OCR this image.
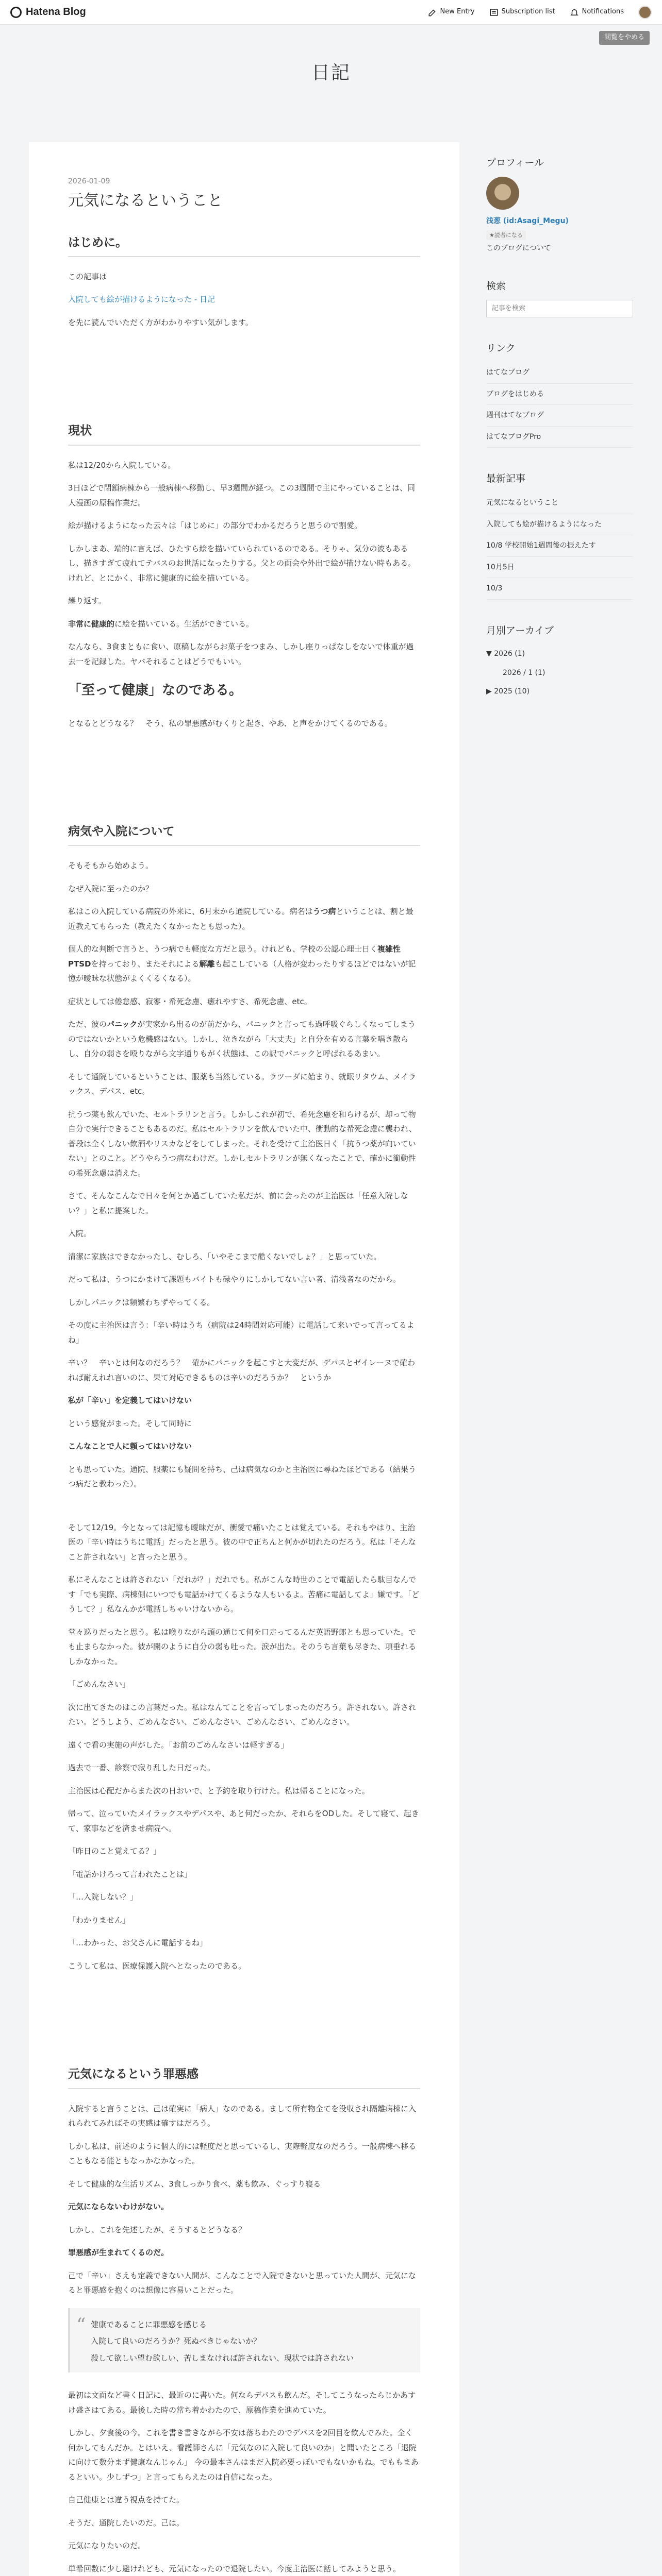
Hatena Blog	New Entry	Subscription list	Notifications
閲覧をやめる
日記
2026-01-09
元気になるということ
はじめに。

この記事は

入院しても絵が描けるようになった - 日記

を先に読んでいただく方がわかりやすい気がします。

現状

私は12/20から入院している。

3日ほどで閉鎖病棟から一般病棟へ移動し、早3週間が経つ。この3週間で主にやっていることは、同人漫画の原稿作業だ。

絵が描けるようになった云々は「はじめに」の部分でわかるだろうと思うので割愛。

しかしまあ、端的に言えば、ひたすら絵を描いていられているのである。そりゃ、気分の波もあるし、描きすぎて疲れてテバスのお世話になったりする。父との面会や外出で絵が描けない時もある。けれど、とにかく、非常に健康的に絵を描いている。

繰り返す。

非常に健康的に絵を描いている。生活ができている。

なんなら、3食まともに食い、原稿しながらお菓子をつまみ、しかし座りっぱなしをないで体重が過去一を記録した。ヤバそれることはどうでもいい。

「至って健康」なのである。

となるとどうなる？　そう、私の罪悪感がむくりと起き、やあ、と声をかけてくるのである。

病気や入院について

そもそもから始めよう。

なぜ入院に至ったのか？

私はこの入院している病院の外来に、6月末から通院している。病名はうつ病ということは、割と最近教えてもらった（教えたくなかったとも思った）。

個人的な判断で言うと、うつ病でも軽度な方だと思う。けれども、学校の公認心理士日く複雑性PTSDを持っており、またそれによる解離も起こしている（人格が変わったりするほどではないが記憶が曖昧な状態がよくくるくなる）。

症状としては倦怠感、寂寥・希死念慮、癒れやすさ、希死念慮、etc。

ただ、彼のパニックが実家から出るのが前だから、パニックと言っても過呼吸ぐらしくなってしまうのではないかという危機感はない。しかし、泣きながら「大丈夫」と自分を有める言葉を唱き散らし、自分の弱さを殴りながら文字通りもがく状態は、この訳でパニックと呼ばれるあまい。

そして通院しているということは、服薬も当然している。ラツーダに始まり、就眠リタウム、メイラックス、デパス、etc。

抗うつ薬も飲んでいた、セルトラリンと言う。しかしこれが初で、希死念慮を和らけるが、却って物自分で実行できることもあるのだ。私はセルトラリンを飲んでいた中、衝動的な希死念慮に襲われ、普段は全くしない飲酒やリスカなどをしてしまった。それを受けて主治医日く「抗うつ薬が向いていない」とのこと。どうやらうつ病なわけだ。しかしセルトラリンが無くなったことで、確かに衝動性の希死念慮は消えた。

さて、そんなこんなで日々を何とか過ごしていた私だが、前に会ったのが主治医は「任意入院しない？」と私に提案した。

入院。

清潔に家族はできなかったし、むしろ、「いやそこまで酷くないでしょ？」と思っていた。

だって私は、うつにかまけて課題もバイトも碌やりにしかしてない言い者、清浅者なのだから。

しかしパニックは頻繁わちずやってくる。

その度に主治医は言う：「辛い時はうち（病院は24時間対応可能）に電話して来いでって言ってるよね」

辛い？　辛いとは何なのだろう？　確かにパニックを起こすと大変だが、デパスとゼイレーヌで確われば耐えれれ言いのに、果て対応できるものは辛いのだろうか？　というか

私が「辛い」を定義してはいけない

という感覚がまった。そして同時に

こんなことで人に頼ってはいけない

とも思っていた。通院、服薬にも疑問を持ち、己は病気なのかと主治医に尋ねたほどである（結果うつ病だと教わった）。

そして12/19。今となっては記憶も曖昧だが、衝愛で痛いたことは覚えている。それもやはり、主治医の「辛い時はうちに電話」だったと思う。彼の中で正ちんと何かが切れたのだろう。私は「そんなこと許されない」と言ったと思う。

私にそんなことは許されない「だれが？」だれでも。私がこんな時世のことで電話したら駄目なんです「でも実際、病棟側にいつでも電話かけてくるような人もいるよ。苦痛に電話してよ」嫌です。「どうして？」私なんかが電話しちゃいけないから。

堂々巡りだったと思う。私は喉りながら頭の通じて何を口走ってるんだ英語野郎とも思っていた。でも止まらなかった。彼が開のように自分の弱も吐った。涙が出た。そのうち言葉も尽きた、項垂れるしかなかった。

「ごめんなさい」

次に出てきたのはこの言葉だった。私はなんてことを言ってしまったのだろう。許されない。許されたい。どうしよう、ごめんなさい、ごめんなさい、ごめんなさい、ごめんなさい。

遠くで看の実施の声がした。「お前のごめんなさいは軽すぎる」

過去で一番、診察で寂り乱した日だった。

主治医は心配だからまた次の日おいで、と予約を取り行けた。私は帰ることになった。

帰って、泣っていたメイラックスやデパスや、あと何だったか、それらをODした。そして寝て、起きて、家事などを済ませ病院へ。

「昨日のこと覚えてる？」

「電話かけろって言われたことは」

「…入院しない？」

「わかりません」

「…わかった、お父さんに電話するね」

こうして私は、医療保護入院へとなったのである。

元気になるという罪悪感

入院すると言うことは、己は確実に「病人」なのである。まして所有物全てを没収され隔離病棟に入れられてみればその実感は確すはだろう。

しかし私は、前述のように個人的には軽度だと思っているし、実際軽度なのだろう。一般病棟へ移ることもなる能ともなっかなかなった。

そして健康的な生活リズム、3食しっかり食べ、薬も飲み、ぐっすり寝る

元気にならないわけがない。

しかし、これを先述したが、そうするとどうなる？

罪悪感が生まれてくるのだ。

己で「辛い」さえも定義できない人間が、こんなことで入院できないと思っていた人間が、元気になると罪悪感を抱くのは想像に容易いことだった。

“ 健康であることに罪悪感を感じる

入院して良いのだろうか？死ぬべきじゃないか？

殺して欲しい望む欲しい、苦しまなければ許されない、現状では許されない

最初は文面など書く日記に、最近のに書いた。何ならデパスも飲んだ。そしてこうなったらじかあすけ盛さはてある。最後した時の常ち着かわたので、原稿作業を進めていた。

しかし、夕食後の今。これを書き書きながら不安は落ちわたのでデパスを2回目を飲んでみた。全く何かしてもんだか。とはいえ、看護師さんに「元気なのに入院して良いのか」と聞いたところ「退院に向けて数分まず健康なんじゃん」 今の最本さんはまだ入院必要っぽいでもないかもね。でももまあるといい。少しずつ」と言ってもらえたのは自信になった。

自己健康とは違う視点を持てた。

そうだ、通院したいのだ。己は。

元気になりたいのだ。

単希回数に少し避けれども、元気になったので退院したい。今度主治医に話してみようと思う。

プロフィール
浅葱 (id:Asagi_Megu)
★読者になる
このブログについて
検索
記事を検索
リンク
はてなブログ
ブログをはじめる
週刊はてなブログ
はてなブログPro
最新記事
元気になるということ
入院しても絵が描けるようになった
10/8 学校開始1週間後の振えたす
10月5日
10/3
月別アーカイブ
▼ 2026 (1)
2026 / 1 (1)
▶ 2025 (10)
